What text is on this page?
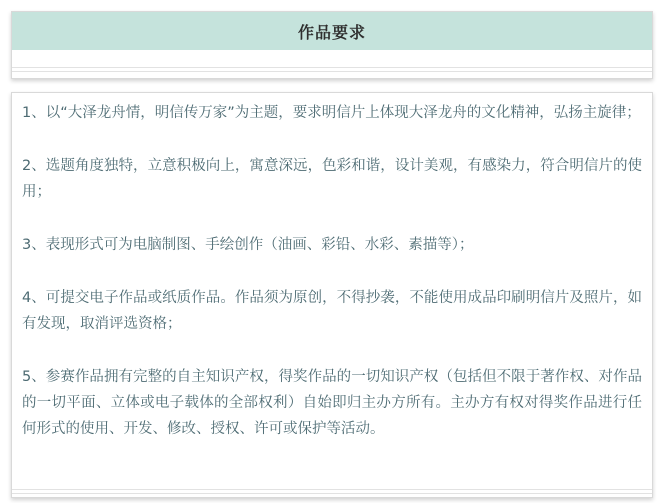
作品要求

1、以“大泽龙舟情，明信传万家”为主题，要求明信片上体现大泽龙舟的文化精神，弘扬主旋律；

2、选题角度独特，立意积极向上，寓意深远，色彩和谐，设计美观，有感染力，符合明信片的使用；

3、表现形式可为电脑制图、手绘创作（油画、彩铅、水彩、素描等）；

4、可提交电子作品或纸质作品。作品须为原创，不得抄袭，不能使用成品印刷明信片及照片，如有发现，取消评选资格；

5、参赛作品拥有完整的自主知识产权，得奖作品的一切知识产权（包括但不限于著作权、对作品的一切平面、立体或电子载体的全部权利）自始即归主办方所有。主办方有权对得奖作品进行任何形式的使用、开发、修改、授权、许可或保护等活动。
